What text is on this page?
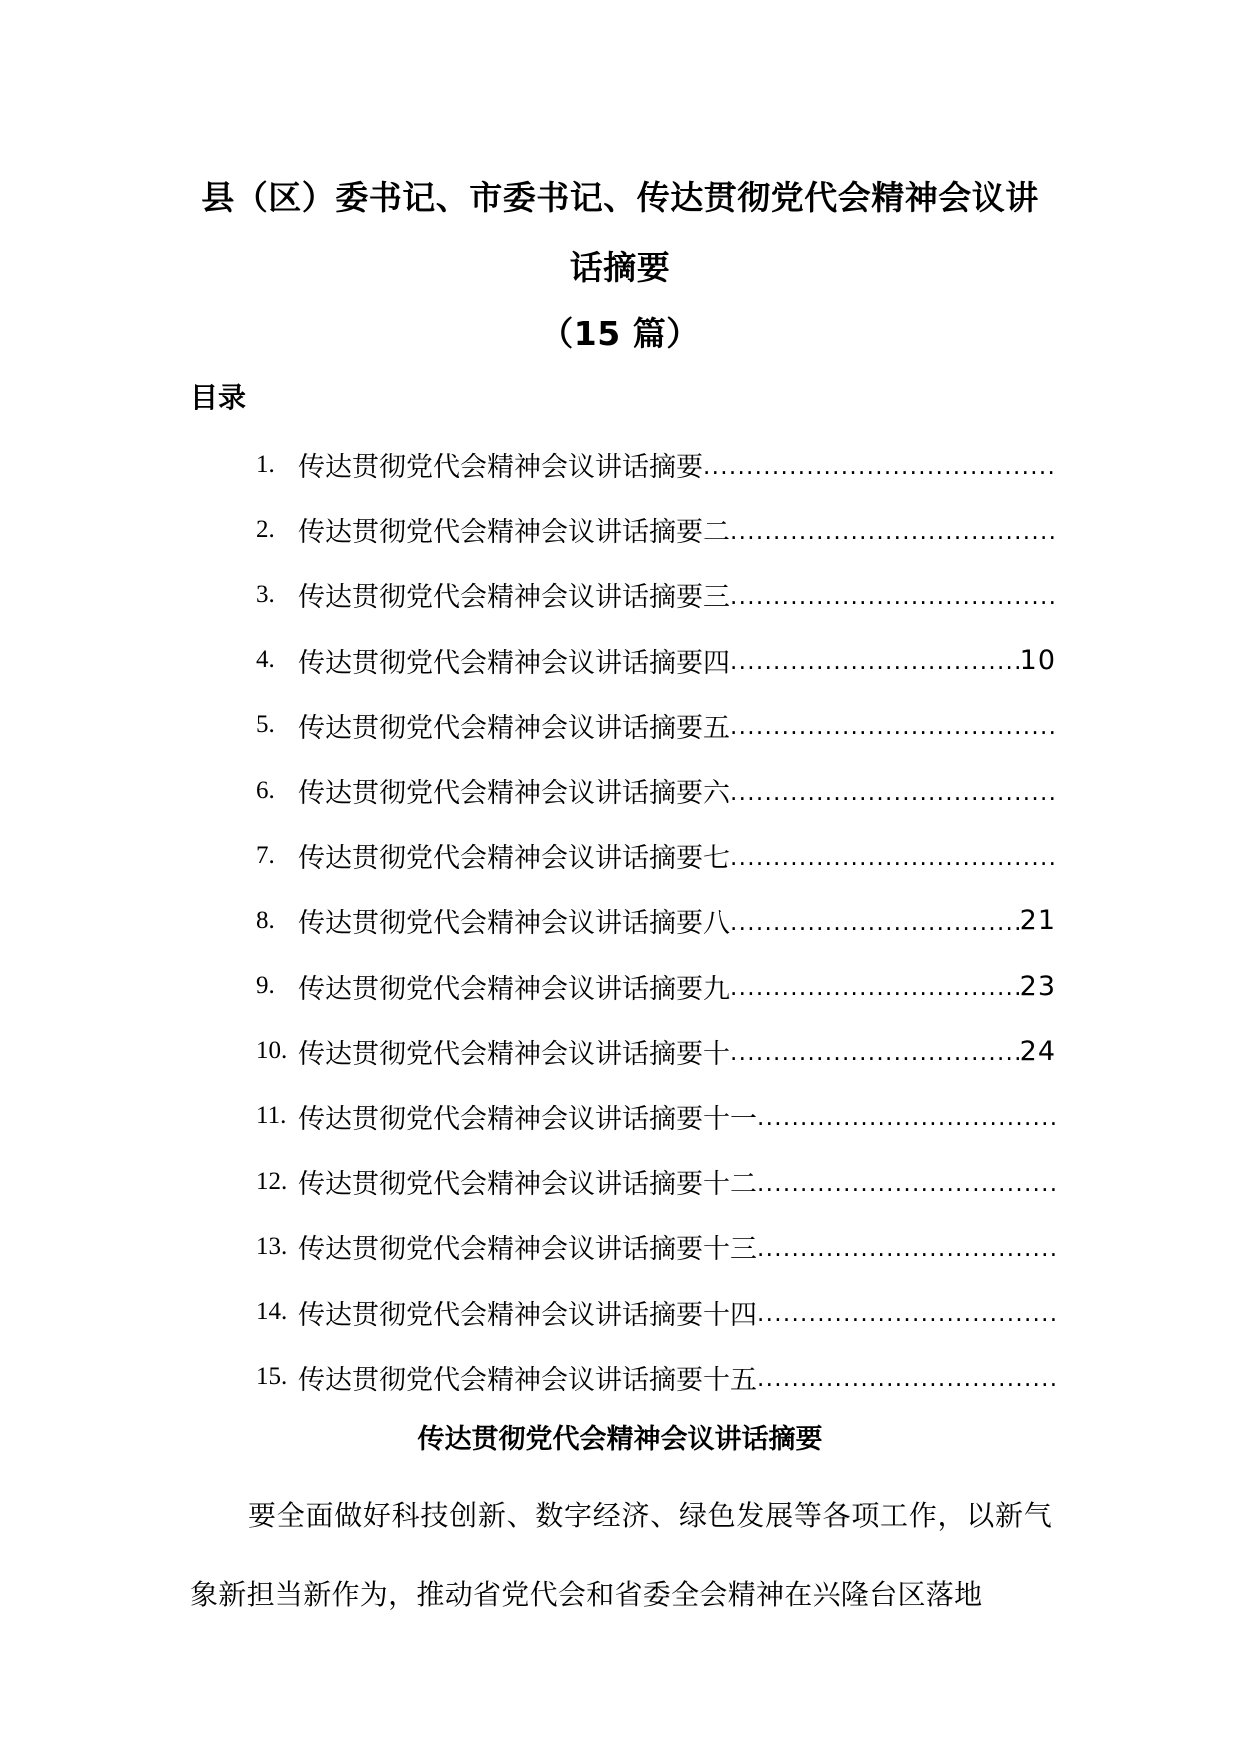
县（区）委书记、市委书记、传达贯彻党代会精神会议讲
话摘要
（15 篇）
目录
1. 传达贯彻党代会精神会议讲话摘要
.....
2. 传达贯彻党代会精神会议讲话摘要二
.....
3. 传达贯彻党代会精神会议讲话摘要三
.....
4. 传达贯彻党代会精神会议讲话摘要四 .....	10
5. 传达贯彻党代会精神会议讲话摘要五
.....
6. 传达贯彻党代会精神会议讲话摘要六
.....
7. 传达贯彻党代会精神会议讲话摘要七
.....
8. 传达贯彻党代会精神会议讲话摘要八 .....	21
9. 传达贯彻党代会精神会议讲话摘要九 .....	23
10. 传达贯彻党代会精神会议讲话摘要十 .....	24
11. 传达贯彻党代会精神会议讲话摘要十一
.....
12. 传达贯彻党代会精神会议讲话摘要十二
.....
13. 传达贯彻党代会精神会议讲话摘要十三
.....
14. 传达贯彻党代会精神会议讲话摘要十四
.....
15. 传达贯彻党代会精神会议讲话摘要十五
.....
传达贯彻党代会精神会议讲话摘要
要全面做好科技创新、数字经济、绿色发展等各项工作，以新气象新担当新作为，推动省党代会和省委全会精神在兴隆台区落地
